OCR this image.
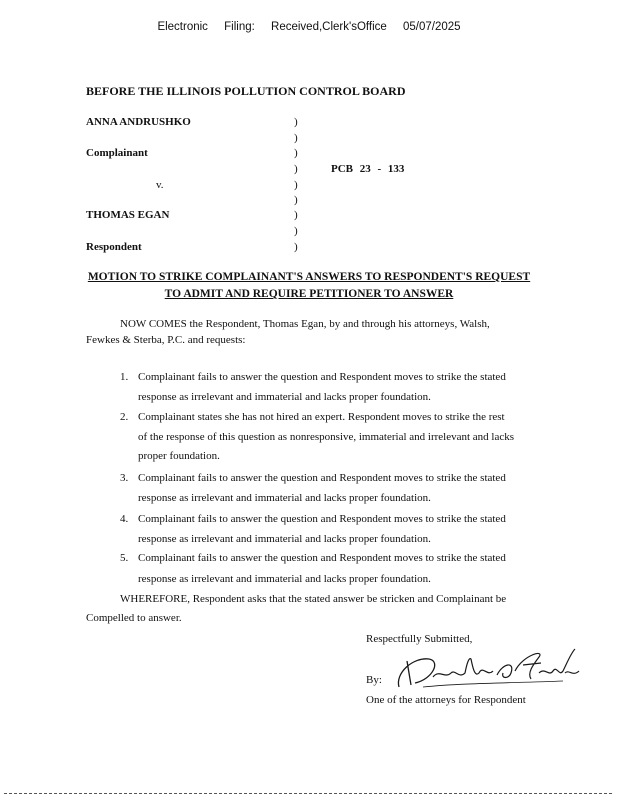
Electronic Filing: Received,Clerk'sOffice 05/07/2025
BEFORE THE ILLINOIS POLLUTION CONTROL BOARD
ANNA ANDRUSHKO
Complainant
v.
THOMAS EGAN
Respondent
)
)
)
)
)
)
)
)
)
PCB 23 - 133
MOTION TO STRIKE COMPLAINANT'S ANSWERS TO RESPONDENT'S REQUEST
TO ADMIT AND REQUIRE PETITIONER TO ANSWER
NOW COMES the Respondent, Thomas Egan, by and through his attorneys, Walsh,
Fewkes & Sterba, P.C. and requests:
1. Complainant fails to answer the question and Respondent moves to strike the stated
response as irrelevant and immaterial and lacks proper foundation.
2. Complainant states she has not hired an expert. Respondent moves to strike the rest
of the response of this question as nonresponsive, immaterial and irrelevant and lacks
proper foundation.
3. Complainant fails to answer the question and Respondent moves to strike the stated
response as irrelevant and immaterial and lacks proper foundation.
4. Complainant fails to answer the question and Respondent moves to strike the stated
response as irrelevant and immaterial and lacks proper foundation.
5. Complainant fails to answer the question and Respondent moves to strike the stated
response as irrelevant and immaterial and lacks proper foundation.
WHEREFORE, Respondent asks that the stated answer be stricken and Complainant be
Compelled to answer.
Respectfully Submitted,
By:
One of the attorneys for Respondent
